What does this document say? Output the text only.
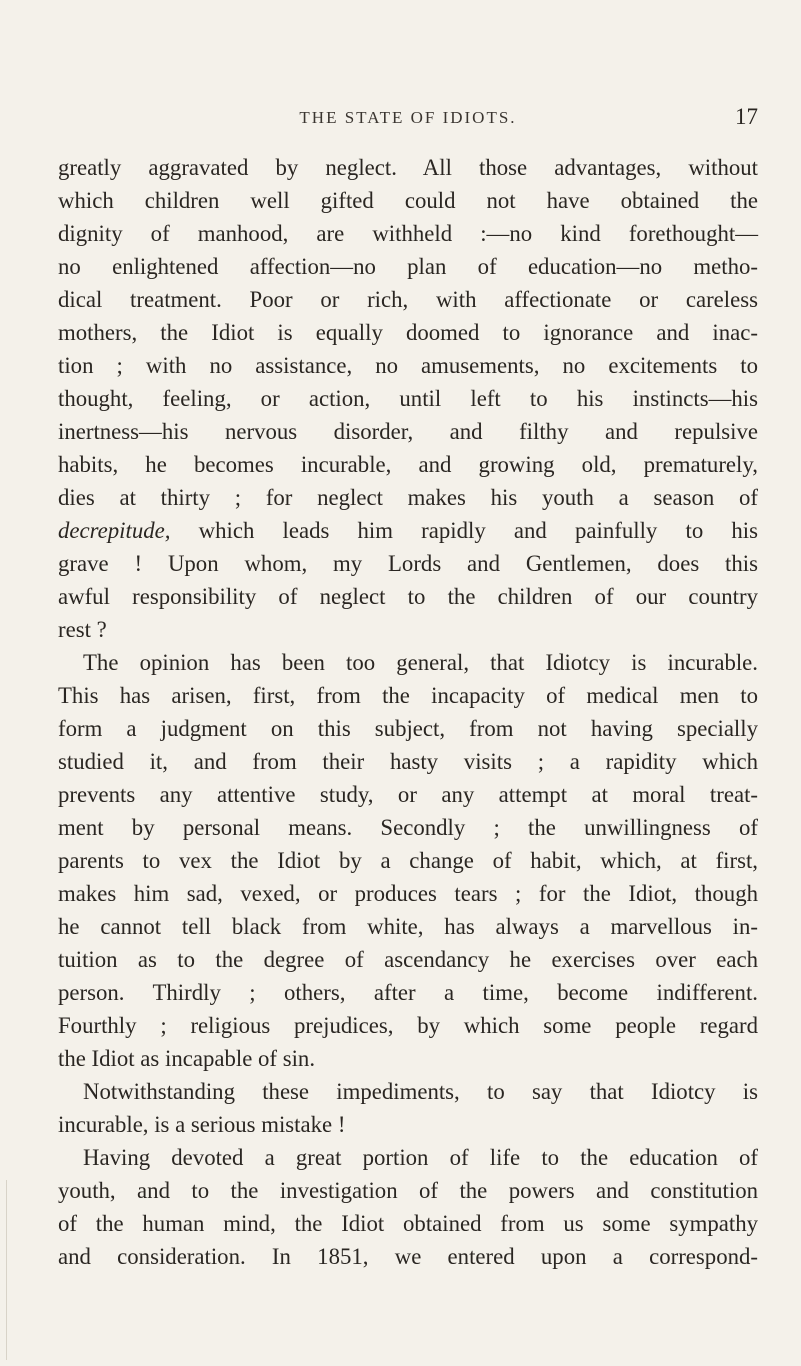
THE STATE OF IDIOTS.	17
greatly aggravated by neglect. All those advantages, without
which children well gifted could not have obtained the
dignity of manhood, are withheld :—no kind forethought—
no enlightened affection—no plan of education—no metho-
dical treatment. Poor or rich, with affectionate or careless
mothers, the Idiot is equally doomed to ignorance and inac-
tion ; with no assistance, no amusements, no excitements to
thought, feeling, or action, until left to his instincts—his
inertness—his nervous disorder, and filthy and repulsive
habits, he becomes incurable, and growing old, prematurely,
dies at thirty ; for neglect makes his youth a season of
decrepitude, which leads him rapidly and painfully to his
grave ! Upon whom, my Lords and Gentlemen, does this
awful responsibility of neglect to the children of our country
rest ?
The opinion has been too general, that Idiotcy is incurable.
This has arisen, first, from the incapacity of medical men to
form a judgment on this subject, from not having specially
studied it, and from their hasty visits ; a rapidity which
prevents any attentive study, or any attempt at moral treat-
ment by personal means. Secondly ; the unwillingness of
parents to vex the Idiot by a change of habit, which, at first,
makes him sad, vexed, or produces tears ; for the Idiot, though
he cannot tell black from white, has always a marvellous in-
tuition as to the degree of ascendancy he exercises over each
person. Thirdly ; others, after a time, become indifferent.
Fourthly ; religious prejudices, by which some people regard
the Idiot as incapable of sin.
Notwithstanding these impediments, to say that Idiotcy is
incurable, is a serious mistake !
Having devoted a great portion of life to the education of
youth, and to the investigation of the powers and constitution
of the human mind, the Idiot obtained from us some sympathy
and consideration. In 1851, we entered upon a correspond-
